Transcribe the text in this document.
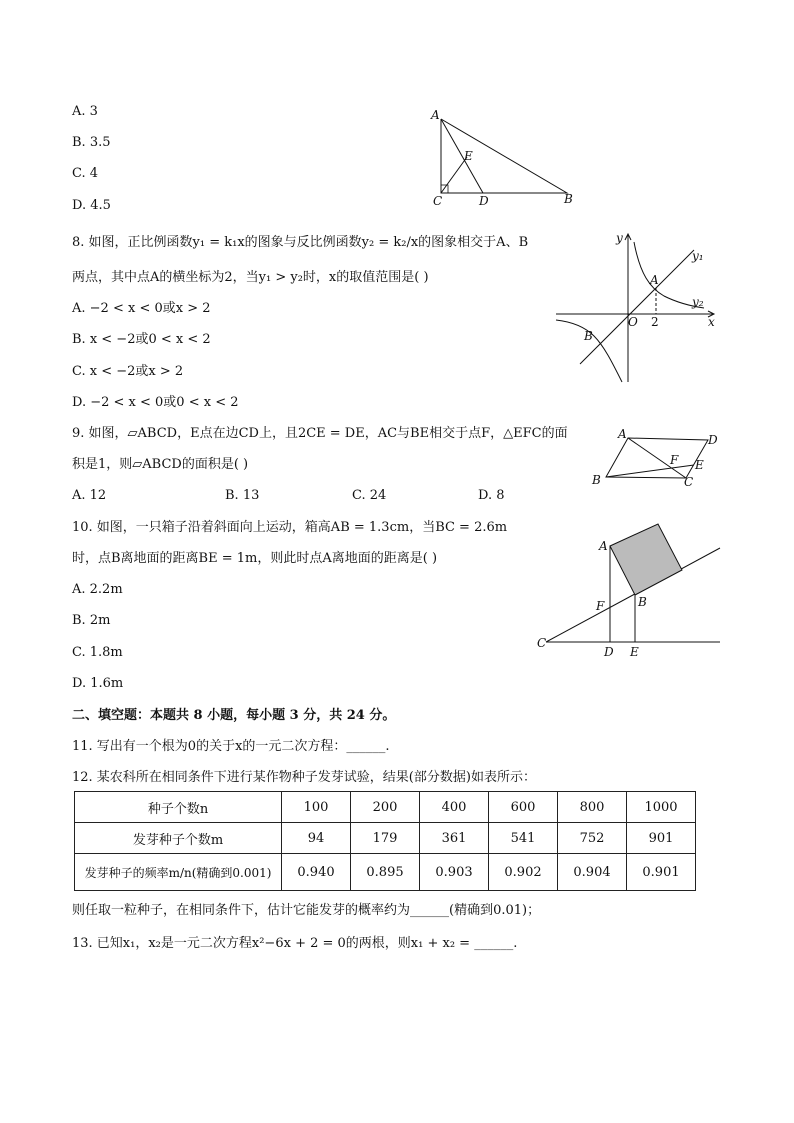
A. 3
B. 3.5
C. 4
D. 4.5
A
E
C	D	B
8. 如图，正比例函数y₁ = k₁x的图象与反比例函数y₂ = k₂/x的图象相交于A、B
两点，其中点A的横坐标为2，当y₁ > y₂时，x的取值范围是( )
A. −2 < x < 0或x > 2
B. x < −2或0 < x < 2
C. x < −2或x > 2
D. −2 < x < 0或0 < x < 2
y
y₁
A
y₂
O 2	x
B
9. 如图，▱ABCD，E点在边CD上，且2CE = DE，AC与BE相交于点F，△EFC的面
积是1，则▱ABCD的面积是( )
A. 12	B. 13	C. 24	D. 8
A	D
F E
B	C
10. 如图，一只箱子沿着斜面向上运动，箱高AB = 1.3cm，当BC = 2.6m
时，点B离地面的距离BE = 1m，则此时点A离地面的距离是( )
A. 2.2m
B. 2m
C. 1.8m
D. 1.6m
A
F	B
C
D E
二、填空题：本题共 8 小题，每小题 3 分，共 24 分。
11. 写出有一个根为0的关于x的一元二次方程：______.
12. 某农科所在相同条件下进行某作物种子发芽试验，结果(部分数据)如表所示：
种子个数n	100	200	400	600	800	1000
发芽种子个数m	94	179	361	541	752	901
发芽种子的频率m/n(精确到0.001)	0.940	0.895	0.903	0.902	0.904	0.901
则任取一粒种子，在相同条件下，估计它能发芽的概率约为______(精确到0.01)；
13. 已知x₁，x₂是一元二次方程x²−6x + 2 = 0的两根，则x₁ + x₂ = ______.
